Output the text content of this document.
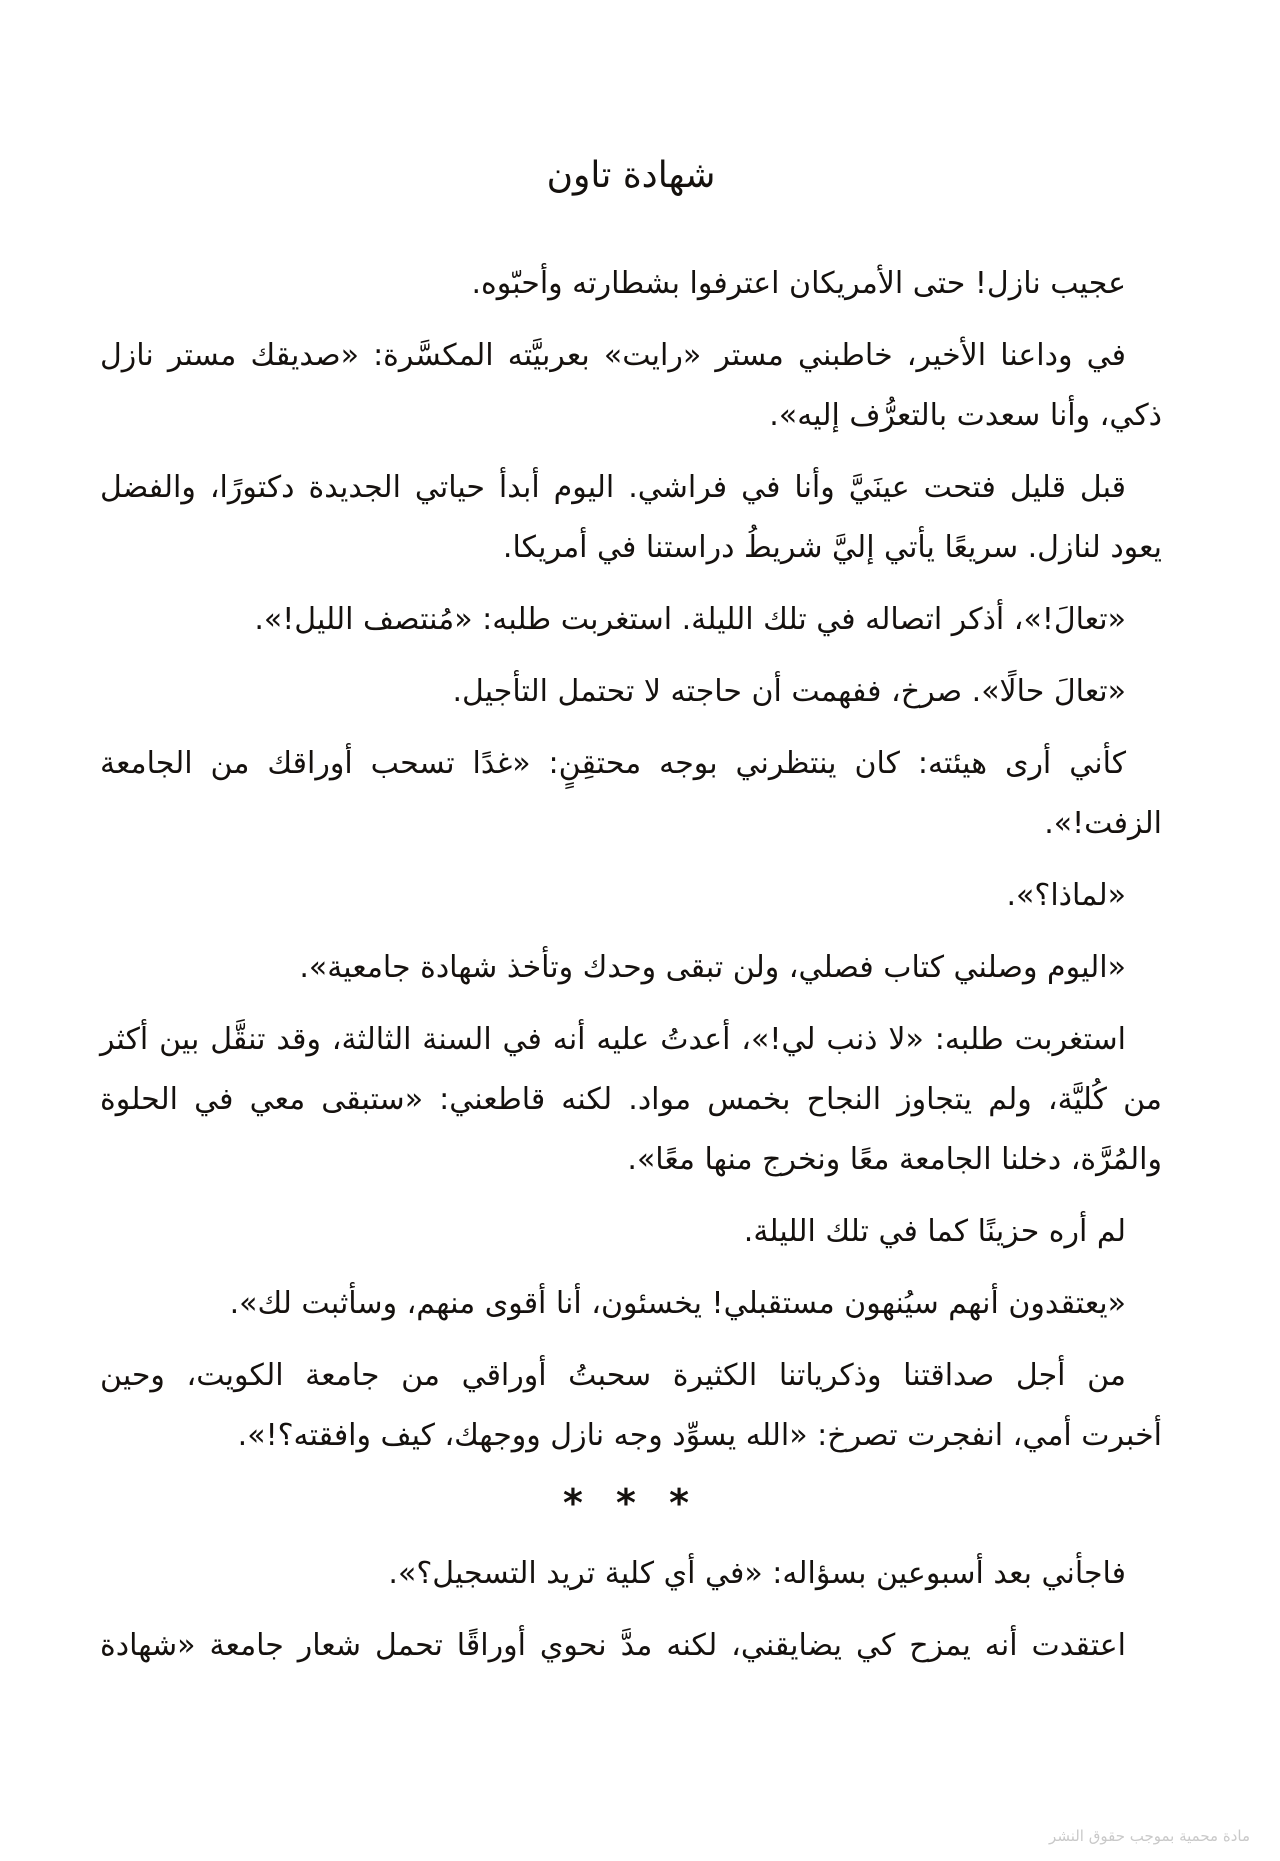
شهادة تاون
عجيب نازل! حتى الأمريكان اعترفوا بشطارته وأحبّوه.
في وداعنا الأخير، خاطبني مستر «رايت» بعربيَّته المكسَّرة: «صديقك مستر نازل
ذكي، وأنا سعدت بالتعرُّف إليه».
قبل قليل فتحت عينَيَّ وأنا في فراشي. اليوم أبدأ حياتي الجديدة دكتورًا، والفضل
يعود لنازل. سريعًا يأتي إليَّ شريطُ دراستنا في أمريكا.
«تعالَ!»، أذكر اتصاله في تلك الليلة. استغربت طلبه: «مُنتصف الليل!».
«تعالَ حالًا». صرخ، ففهمت أن حاجته لا تحتمل التأجيل.
كأني أرى هيئته: كان ينتظرني بوجه محتقِنٍ: «غدًا تسحب أوراقك من الجامعة
الزفت!».
«لماذا؟».
«اليوم وصلني كتاب فصلي، ولن تبقى وحدك وتأخذ شهادة جامعية».
استغربت طلبه: «لا ذنب لي!»، أعدتُ عليه أنه في السنة الثالثة، وقد تنقَّل بين أكثر
من كُليَّة، ولم يتجاوز النجاح بخمس مواد. لكنه قاطعني: «ستبقى معي في الحلوة
والمُرَّة، دخلنا الجامعة معًا ونخرج منها معًا».
لم أره حزينًا كما في تلك الليلة.
«يعتقدون أنهم سيُنهون مستقبلي! يخسئون، أنا أقوى منهم، وسأثبت لك».
من أجل صداقتنا وذكرياتنا الكثيرة سحبتُ أوراقي من جامعة الكويت، وحين
أخبرت أمي، انفجرت تصرخ: «الله يسوِّد وجه نازل ووجهك، كيف وافقته؟!».
* * *
فاجأني بعد أسبوعين بسؤاله: «في أي كلية تريد التسجيل؟».
اعتقدت أنه يمزح كي يضايقني، لكنه مدَّ نحوي أوراقًا تحمل شعار جامعة «شهادة
مادة محمية بموجب حقوق النشر
